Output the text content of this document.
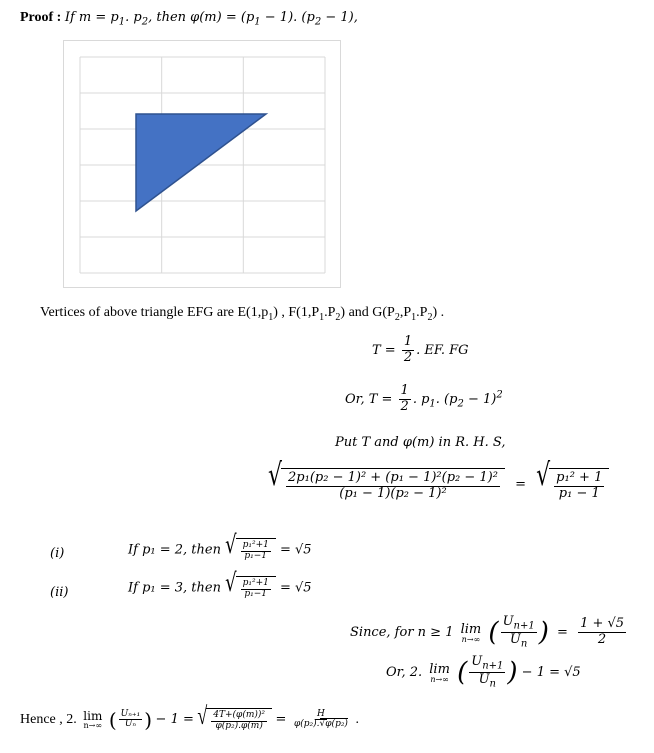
Proof : If $m = p_1$. $p_2$, then $\varphi(m) = (p_1 - 1)$. $(p_2 - 1)$,
Vertices of above triangle EFG are $E(1,p_1)$ , $F(1,P_1.P_2)$ and $G(P_2,P_1.P_2)$ .
$T = \frac{1}{2}$ . EF. FG
Or, $T = \frac{1}{2}$ . $p_1$. $(p_2 - 1)^2$
Put T and φ(m) in R. H. S,
√ $\frac{\text{2p₁(p₂ − 1)² + (p₁ − 1)²(p₂ − 1)²}}{\text{(p₁ − 1)(p₂ − 1)²}}$ = √ $\frac{\text{p₁² + 1}}{\text{p₁ − 1}}$
(i)	If p₁ = 2, then √ $\frac{\text{p₁²+1}}{\text{p₁−1}} = √5$
(ii)	If p₁ = 3, then √ $\frac{\text{p₁²+1}}{\text{p₁−1}} = √5$
Since, for n ≥ 1 lim
n→∞ ( $\frac{U_{n+1}}{U_n}$ ) = $\frac{1 + √5}{2}$
Or, 2. lim
n→∞ ( $\frac{U_{n+1}}{U_n}$ ) − 1 = √5
Hence , 2. lim
n→∞ ( $\frac{\text{Uₙ₊₁}}{\text{Uₙ}}$ ) − 1 = √ $\frac{\text{4T+(φ(m))²}}{\text{φ(p₂).φ(m)}} = \frac{H}{\text{φ(p₂).√φ(p₂)}}$ .
